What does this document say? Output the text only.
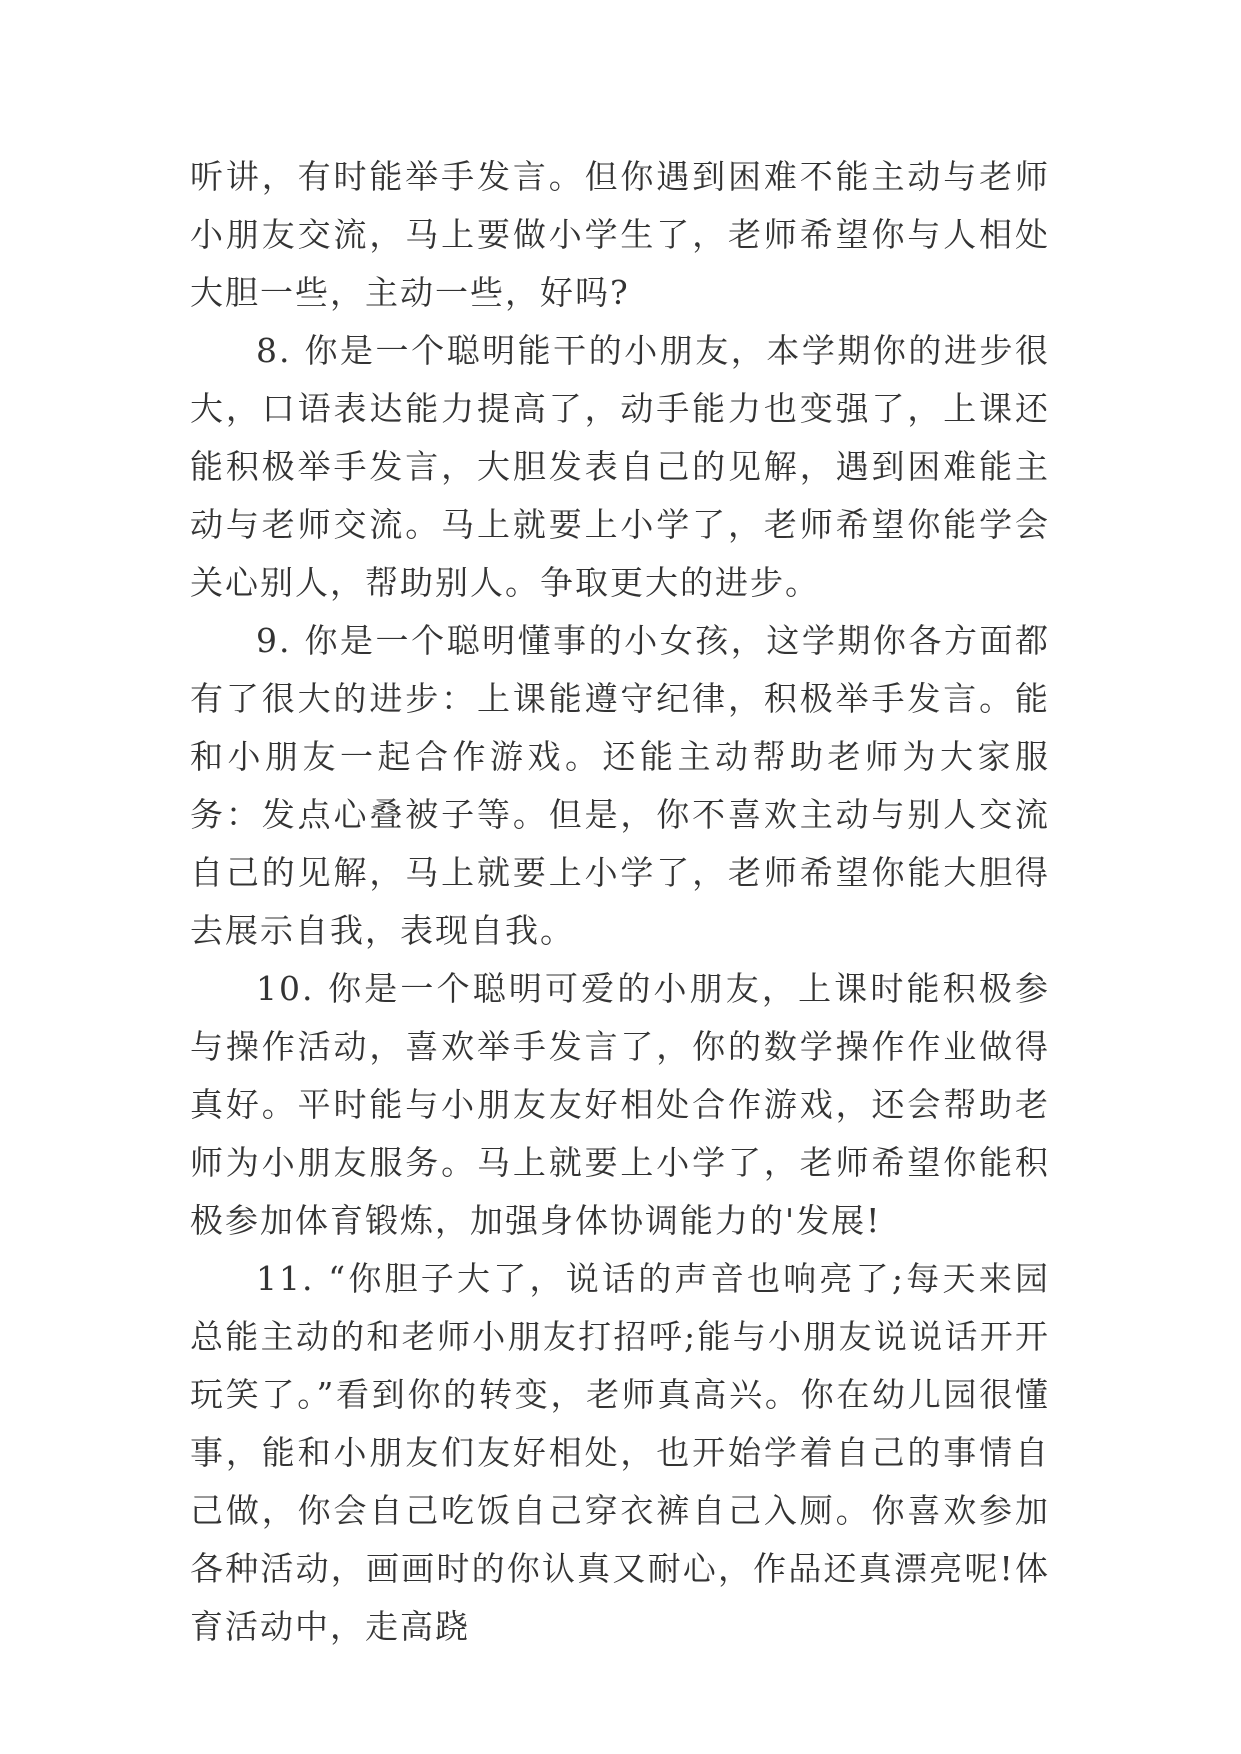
听讲，有时能举手发言。但你遇到困难不能主动与老师小朋友交流，马上要做小学生了，老师希望你与人相处大胆一些，主动一些，好吗?

8. 你是一个聪明能干的小朋友，本学期你的进步很大，口语表达能力提高了，动手能力也变强了，上课还能积极举手发言，大胆发表自己的见解，遇到困难能主动与老师交流。马上就要上小学了，老师希望你能学会关心别人，帮助别人。争取更大的进步。

9. 你是一个聪明懂事的小女孩，这学期你各方面都有了很大的进步：上课能遵守纪律，积极举手发言。能和小朋友一起合作游戏。还能主动帮助老师为大家服务：发点心叠被子等。但是，你不喜欢主动与别人交流自己的见解，马上就要上小学了，老师希望你能大胆得去展示自我，表现自我。

10. 你是一个聪明可爱的小朋友，上课时能积极参与操作活动，喜欢举手发言了，你的数学操作作业做得真好。平时能与小朋友友好相处合作游戏，还会帮助老师为小朋友服务。马上就要上小学了，老师希望你能积极参加体育锻炼，加强身体协调能力的'发展!

11. “你胆子大了，说话的声音也响亮了;每天来园总能主动的和老师小朋友打招呼;能与小朋友说说话开开玩笑了。”看到你的转变，老师真高兴。你在幼儿园很懂事，能和小朋友们友好相处，也开始学着自己的事情自己做，你会自己吃饭自己穿衣裤自己入厕。你喜欢参加各种活动，画画时的你认真又耐心，作品还真漂亮呢!体育活动中，走高跷
